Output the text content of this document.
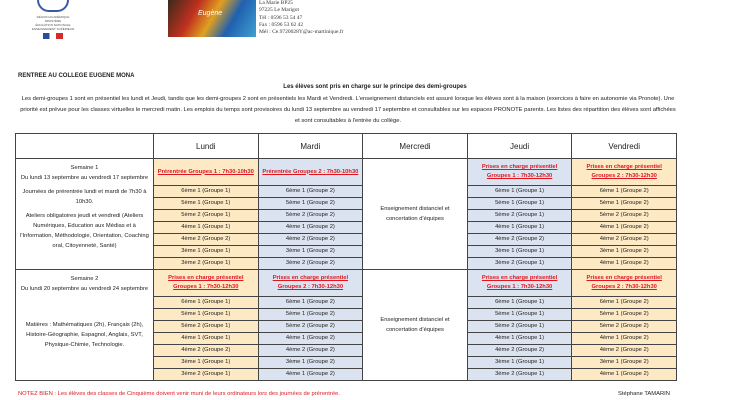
RÉGION ACADÉMIQUE
MINISTÈRE
ÉDUCATION NATIONALE
ENSEIGNEMENT SUPÉRIEUR
Eugène
La Marie BP25
97225 Le Marigot
Tél : 0596 53 54 47
Fax : 0596 53 62 42
Mél : Ce.9720028Y@ac-martinique.fr
RENTREE AU COLLEGE EUGENE MONA
Les élèves sont pris en charge sur le principe des demi-groupes
Les demi-groupes 1 sont en présentiel les lundi et Jeudi, tandis que les demi-groupes 2 sont en présentiels les Mardi et Vendredi. L'enseignement distanciels est assuré lorsque les élèves sont à la maison (exercices à faire en autonomie via Pronote). Une priorité est prévue pour les classes virtuelles le mercredi matin. Les emplois du temps sont provisoires du lundi 13 septembre au vendredi 17 septembre et consultables sur les espaces PRONOTE parents. Les listes des répartition des élèves sont affichées et sont consultables à l'entrée du collège.
	Lundi	Mardi	Mercredi	Jeudi	Vendredi

Semaine 1
Du lundi 13 septembre au vendredi 17 septembre
Journées de prérentrée lundi et mardi de 7h30 à 10h30.
Ateliers obligatoires jeudi et vendredi (Ateliers Numériques, Education aux Médias et à l'Information, Méthodologie, Orientation, Coaching oral, Citoyenneté, Santé)	Prérentrée Groupes 1 : 7h30-10h30	Prérentrée Groupes 2 : 7h30-10h30	Enseignement distanciel et concertation d'équipes	Prises en charge présentiel Groupes 1 : 7h30-12h30	Prises en charge présentiel Groupes 2 : 7h30-12h30
	6ème 1 (Groupe 1)	6ème 1 (Groupe 2)		6ème 1 (Groupe 1)	6ème 1 (Groupe 2)
	5ème 1 (Groupe 1)	5ème 1 (Groupe 2)		5ème 1 (Groupe 1)	5ème 1 (Groupe 2)
	5ème 2 (Groupe 1)	5ème 2 (Groupe 2)		5ème 2 (Groupe 1)	5ème 2 (Groupe 2)
	4ème 1 (Groupe 1)	4ème 1 (Groupe 2)		4ème 1 (Groupe 1)	4ème 1 (Groupe 2)
	4ème 2 (Groupe 2)	4ème 2 (Groupe 2)		4ème 2 (Groupe 2)	4ème 2 (Groupe 2)
	3ème 1 (Groupe 1)	3ème 1 (Groupe 2)		3ème 1 (Groupe 1)	3ème 1 (Groupe 2)
	3ème 2 (Groupe 1)	3ème 2 (Groupe 2)		3ème 2 (Groupe 1)	4ème 1 (Groupe 2)

Semaine 2
Du lundi 20 septembre au vendredi 24 septembre
Matières : Mathématiques (2h), Français (2h), Histoire-Géographie, Espagnol, Anglais, SVT, Physique-Chimie, Technologie.	Prises en charge présentiel Groupes 1 : 7h30-12h30	Prises en charge présentiel Groupes 2 : 7h30-12h30	Enseignement distanciel et concertation d'équipes	Prises en charge présentiel Groupes 1 : 7h30-12h30	Prises en charge présentiel Groupes 2 : 7h30-12h30
	6ème 1 (Groupe 1)	6ème 1 (Groupe 2)		6ème 1 (Groupe 1)	6ème 1 (Groupe 2)
	5ème 1 (Groupe 1)	5ème 1 (Groupe 2)		5ème 1 (Groupe 1)	5ème 1 (Groupe 2)
	5ème 2 (Groupe 1)	5ème 2 (Groupe 2)		5ème 2 (Groupe 1)	5ème 2 (Groupe 2)
	4ème 1 (Groupe 1)	4ème 1 (Groupe 2)		4ème 1 (Groupe 1)	4ème 1 (Groupe 2)
	4ème 2 (Groupe 2)	4ème 2 (Groupe 2)		4ème 2 (Groupe 2)	4ème 2 (Groupe 2)
	3ème 1 (Groupe 1)	3ème 1 (Groupe 2)		3ème 1 (Groupe 1)	3ème 1 (Groupe 2)
	3ème 2 (Groupe 1)	4ème 1 (Groupe 2)		3ème 2 (Groupe 1)	4ème 1 (Groupe 2)
NOTEZ BIEN : Les élèves des classes de Cinquième doivent venir muni de leurs ordinateurs lors des journées de prérentrée.	Stéphane TAMARIN
